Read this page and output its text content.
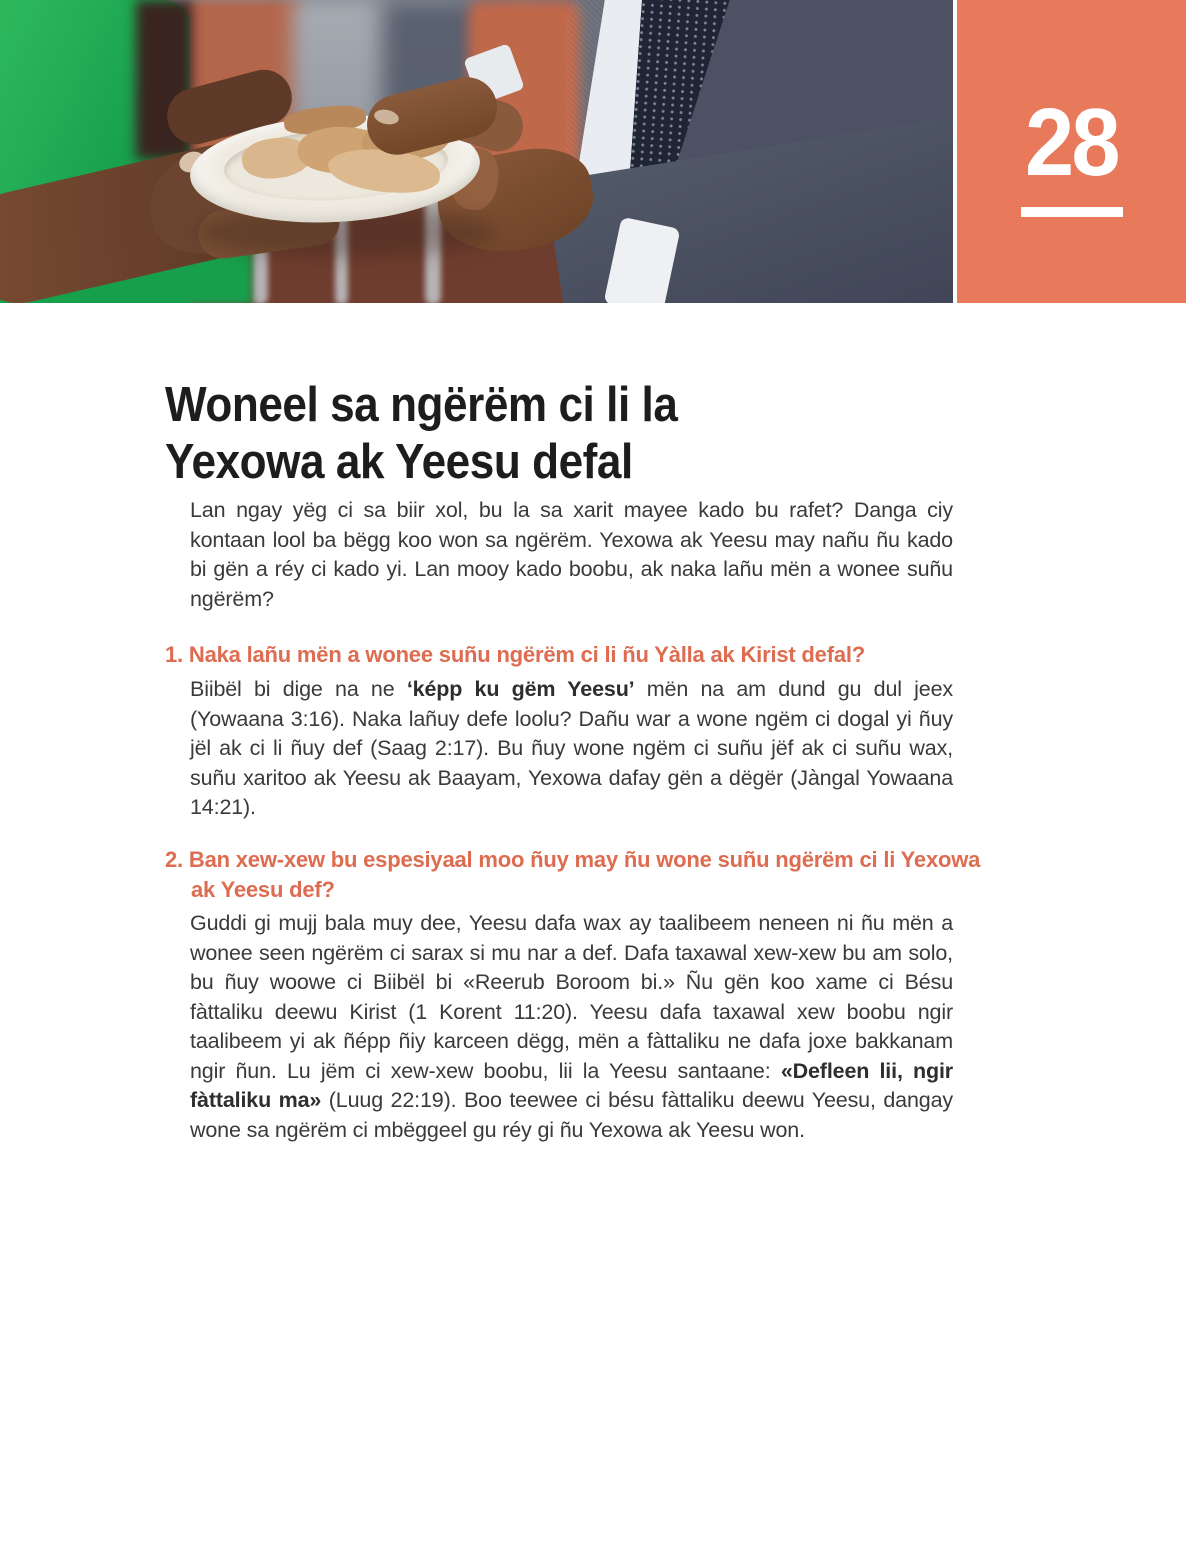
28
Woneel sa ngërëm ci li la
Yexowa ak Yeesu defal

Lan ngay yëg ci sa biir xol, bu la sa xarit mayee kado bu rafet? Danga ciy kontaan lool ba bëgg koo won sa ngërëm. Yexowa ak Yeesu may nañu ñu kado bi gën a réy ci kado yi. Lan mooy kado boobu, ak naka lañu mën a wonee suñu ngërëm?

1. Naka lañu mën a wonee suñu ngërëm ci li ñu Yàlla ak Kirist defal?

Biibël bi dige na ne ‘képp ku gëm Yeesu’ mën na am dund gu dul jeex (Yowaana 3:16). Naka lañuy defe loolu? Dañu war a wone ngëm ci dogal yi ñuy jël ak ci li ñuy def (Saag 2:17). Bu ñuy wone ngëm ci suñu jëf ak ci suñu wax, suñu xaritoo ak Yeesu ak Baayam, Yexowa dafay gën a dëgër (Jàngal Yowaana 14:21).

2. Ban xew-xew bu espesiyaal moo ñuy may ñu wone suñu ngërëm ci li Yexowa ak Yeesu def?

Guddi gi mujj bala muy dee, Yeesu dafa wax ay taalibeem neneen ni ñu mën a wonee seen ngërëm ci sarax si mu nar a def. Dafa taxawal xew-xew bu am solo, bu ñuy woowe ci Biibël bi «Reerub Boroom bi.» Ñu gën koo xame ci Bésu fàttaliku deewu Kirist (1 Korent 11:20). Yeesu dafa taxawal xew boobu ngir taalibeem yi ak ñépp ñiy karceen dëgg, mën a fàttaliku ne dafa joxe bakkanam ngir ñun. Lu jëm ci xew-xew boobu, lii la Yeesu santaane: «Defleen lii, ngir fàttaliku ma» (Luug 22:19). Boo teewee ci bésu fàttaliku deewu Yeesu, dangay wone sa ngërëm ci mbëggeel gu réy gi ñu Yexowa ak Yeesu won.
